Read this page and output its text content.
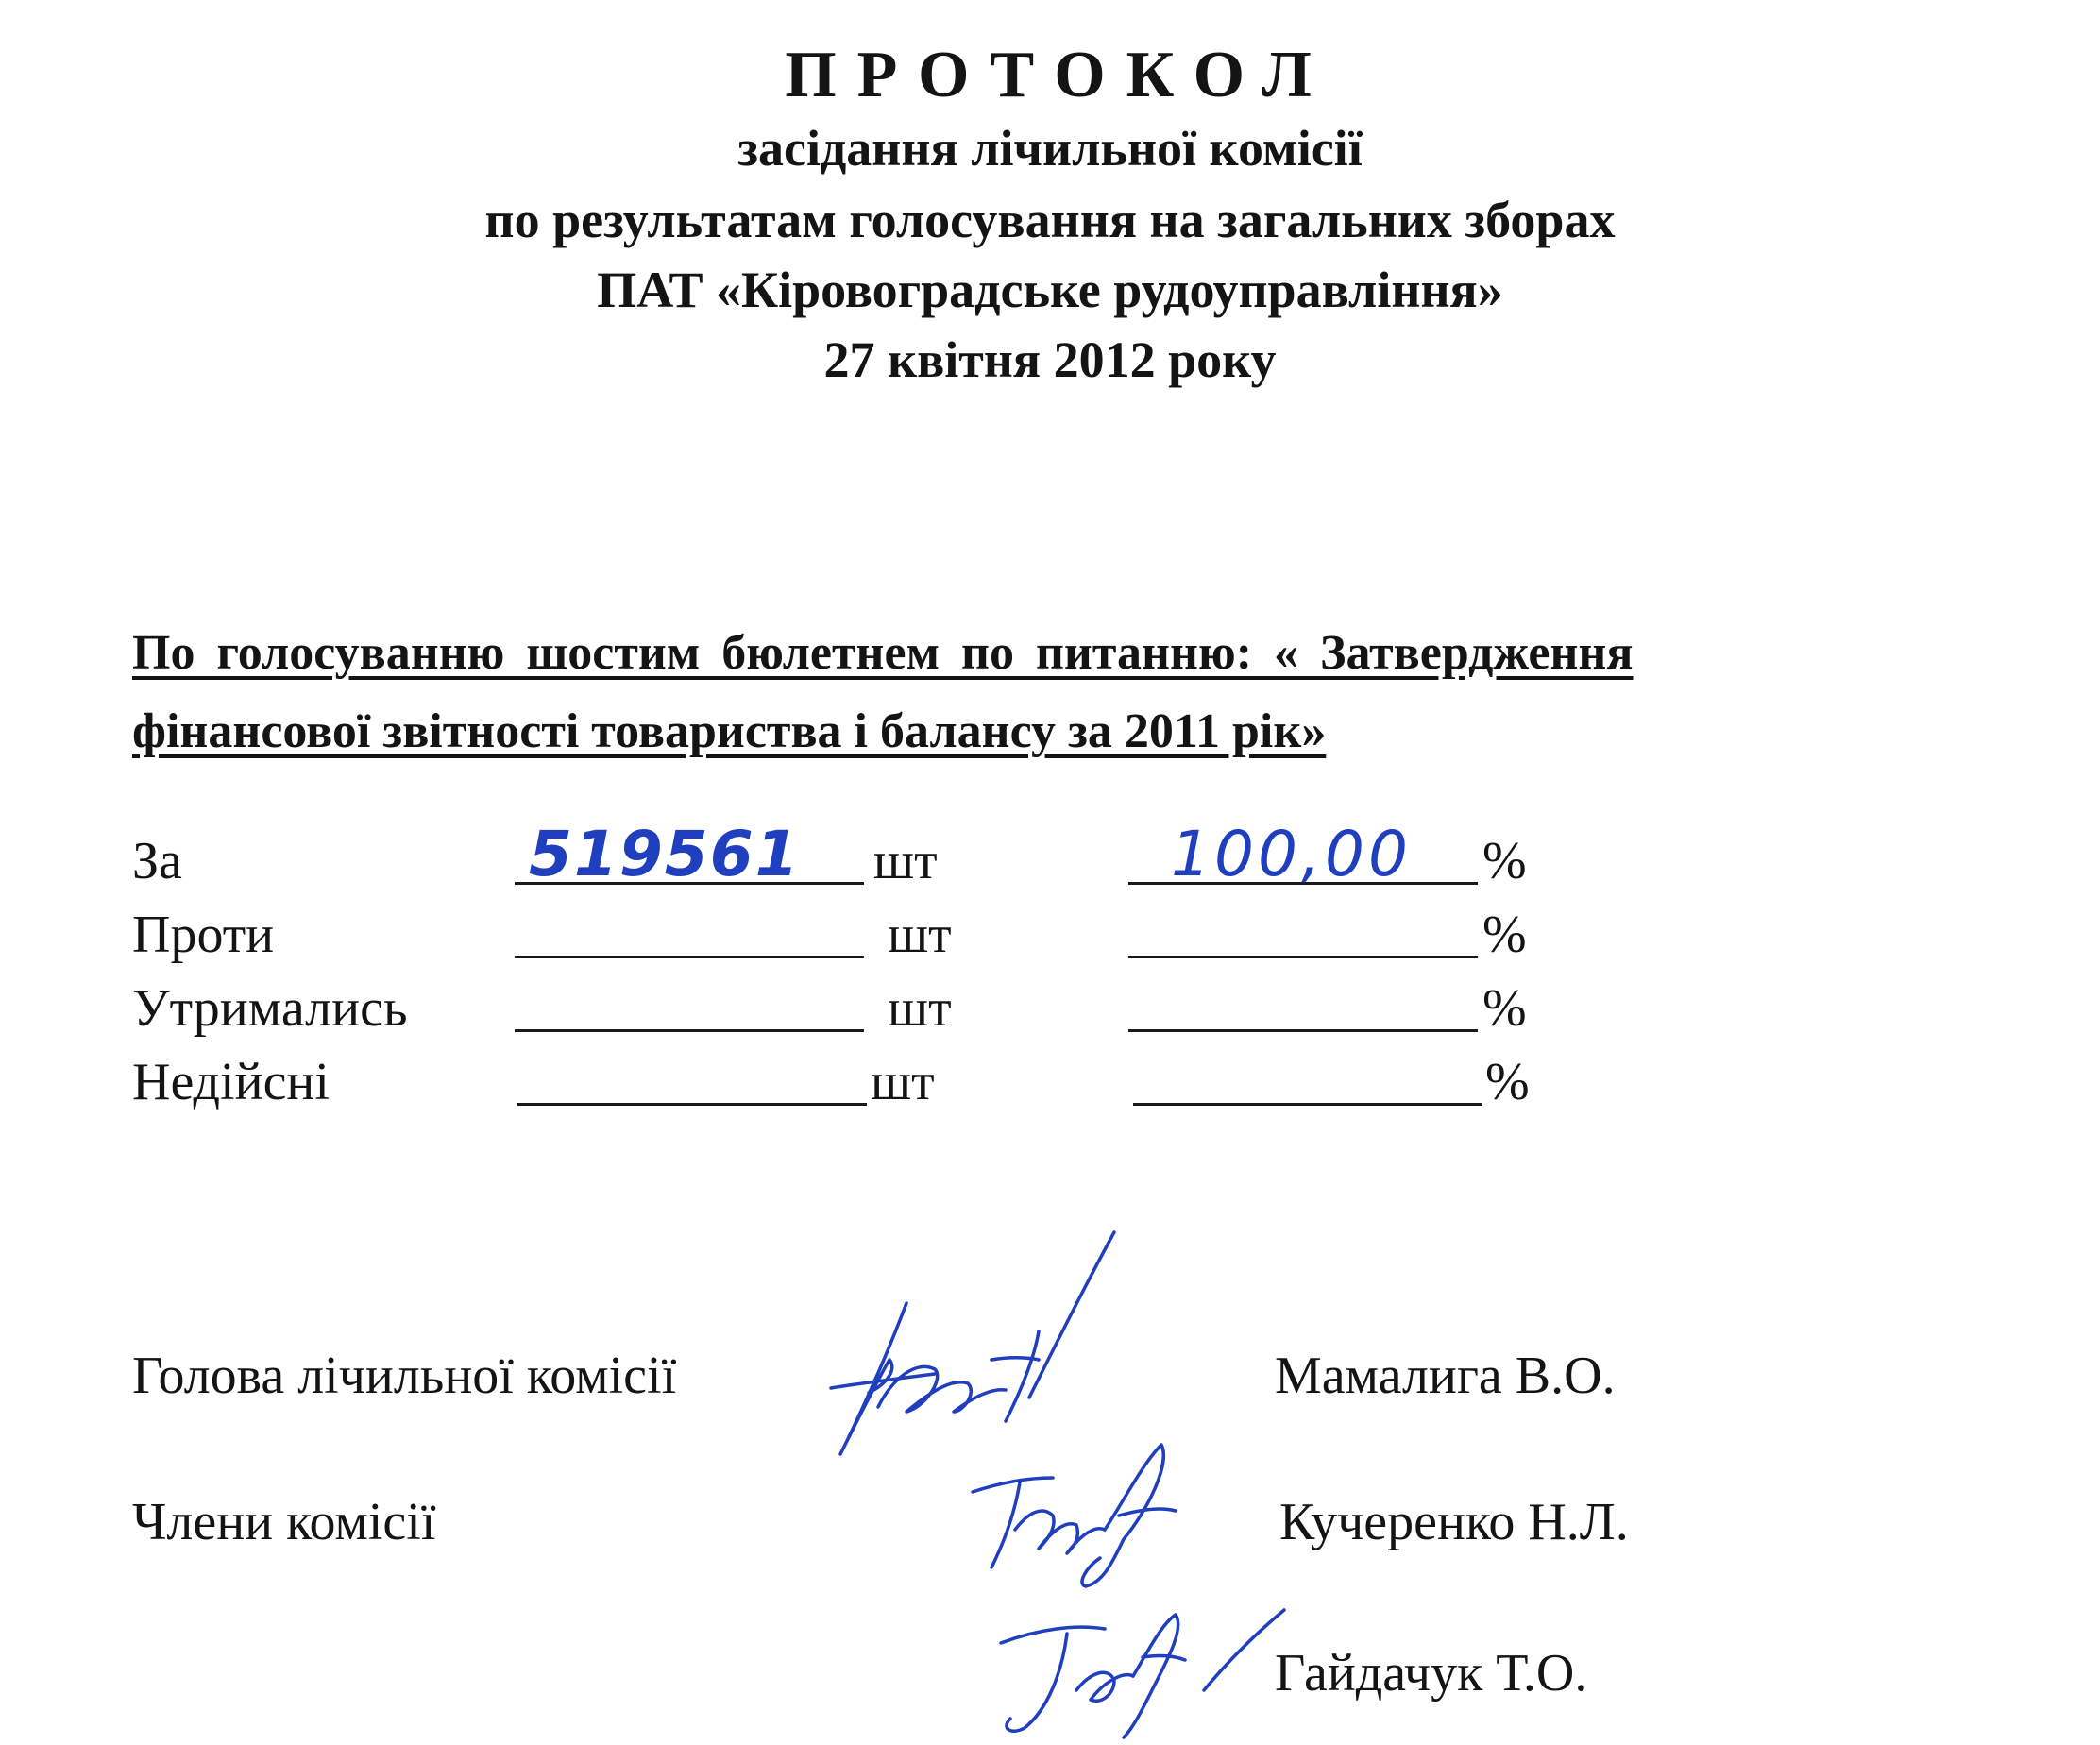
ПРОТОКОЛ
засідання лічильної комісії
по результатам голосування на загальних зборах
ПАТ «Кіровоградське рудоуправління»
27 квітня 2012 року
По голосуванню шостим бюлетнем по питанню: « Затвердження
фінансової звітності товариства і балансу за 2011 рік»
За	519561 шт	100,00 %
Проти	шт	%
Утримались	шт	%
Недійсні	шт	%
Голова лічильної комісії	Мамалига В.О.
Члени комісії	Кучеренко Н.Л.
Гайдачук Т.О.
